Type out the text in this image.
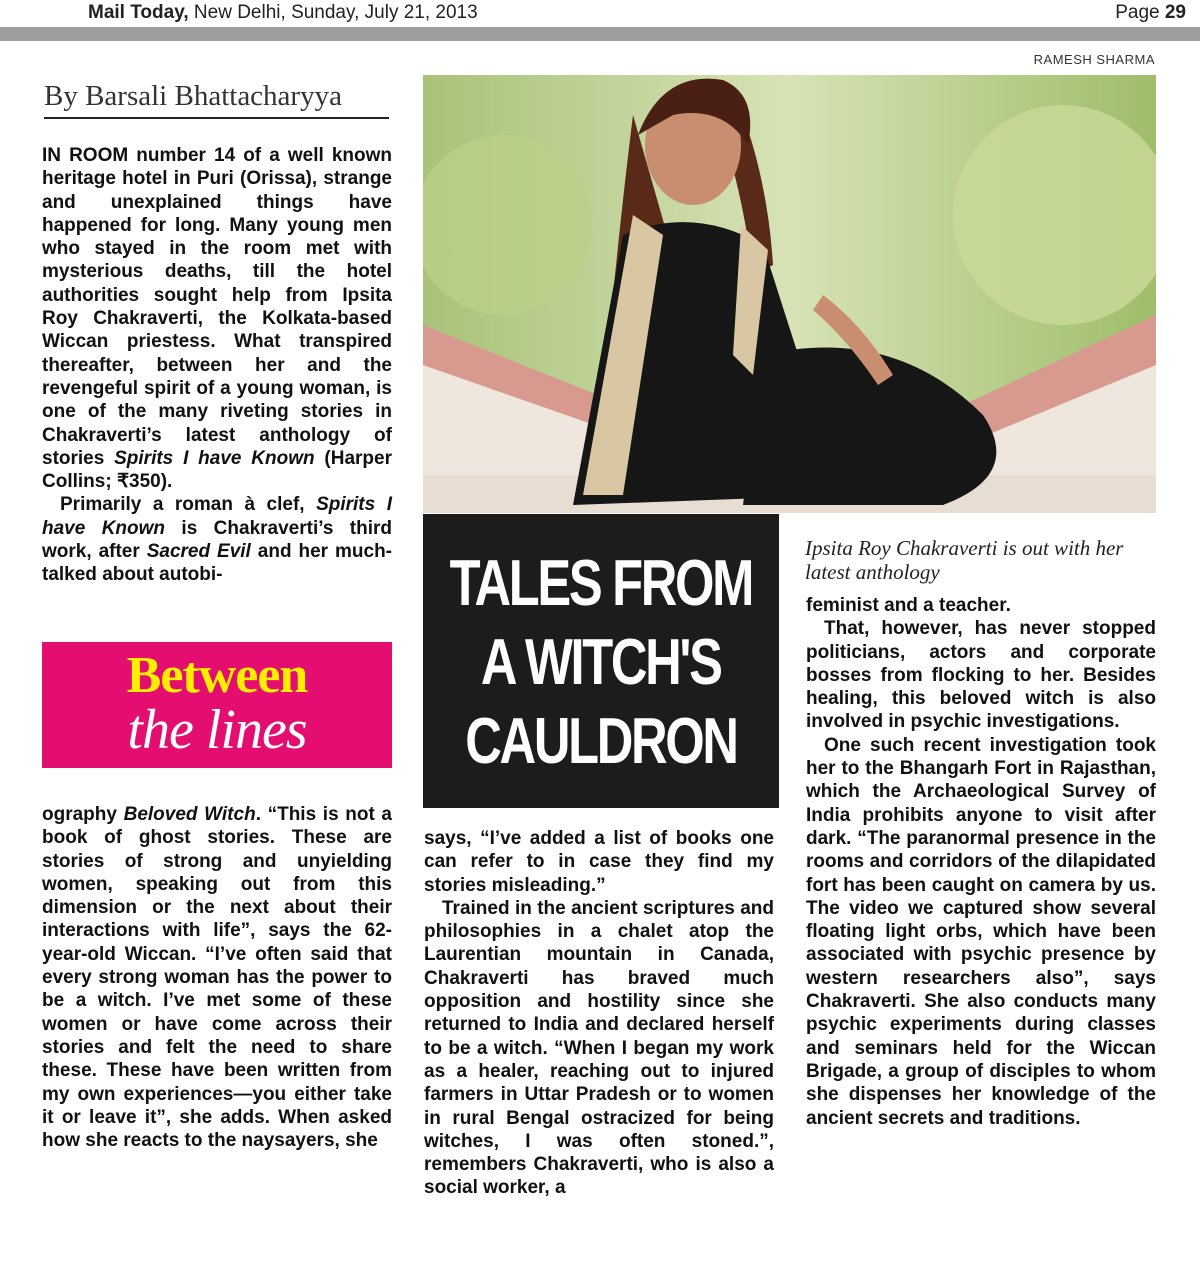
Mail Today, New Delhi, Sunday, July 21, 2013	Page 29
By Barsali Bhattacharyya

IN ROOM number 14 of a well known heritage hotel in Puri (Orissa), strange and unexplained things have happened for long. Many young men who stayed in the room met with mysterious deaths, till the hotel authorities sought help from Ipsita Roy Chakraverti, the Kolkata-based Wiccan priestess. What transpired thereafter, between her and the revengeful spirit of a young woman, is one of the many riveting stories in Chakraverti’s latest anthology of stories Spirits I have Known (Harper Collins; ₹350).

Primarily a roman à clef, Spirits I have Known is Chakraverti’s third work, after Sacred Evil and her much-talked about autobi-

Between
the lines

ography Beloved Witch. “This is not a book of ghost stories. These are stories of strong and unyielding women, speaking out from this dimension or the next about their interactions with life”, says the 62-year-old Wiccan. “I’ve often said that every strong woman has the power to be a witch. I’ve met some of these women or have come across their stories and felt the need to share these. These have been written from my own experiences—you either take it or leave it”, she adds. When asked how she reacts to the naysayers, she

RAMESH SHARMA
TALES FROM
A WITCH'S
CAULDRON
Ipsita Roy Chakraverti is out with her latest anthology

says, “I’ve added a list of books one can refer to in case they find my stories misleading.”

Trained in the ancient scriptures and philosophies in a chalet atop the Laurentian mountain in Canada, Chakraverti has braved much opposition and hostility since she returned to India and declared herself to be a witch. “When I began my work as a healer, reaching out to injured farmers in Uttar Pradesh or to women in rural Bengal ostracized for being witches, I was often stoned.”, remembers Chakraverti, who is also a social worker, a

feminist and a teacher.

That, however, has never stopped politicians, actors and corporate bosses from flocking to her. Besides healing, this beloved witch is also involved in psychic investigations.

One such recent investigation took her to the Bhangarh Fort in Rajasthan, which the Archaeological Survey of India prohibits anyone to visit after dark. “The paranormal presence in the rooms and corridors of the dilapidated fort has been caught on camera by us. The video we captured show several floating light orbs, which have been associated with psychic presence by western researchers also”, says Chakraverti. She also conducts many psychic experiments during classes and seminars held for the Wiccan Brigade, a group of disciples to whom she dispenses her knowledge of the ancient secrets and traditions.
